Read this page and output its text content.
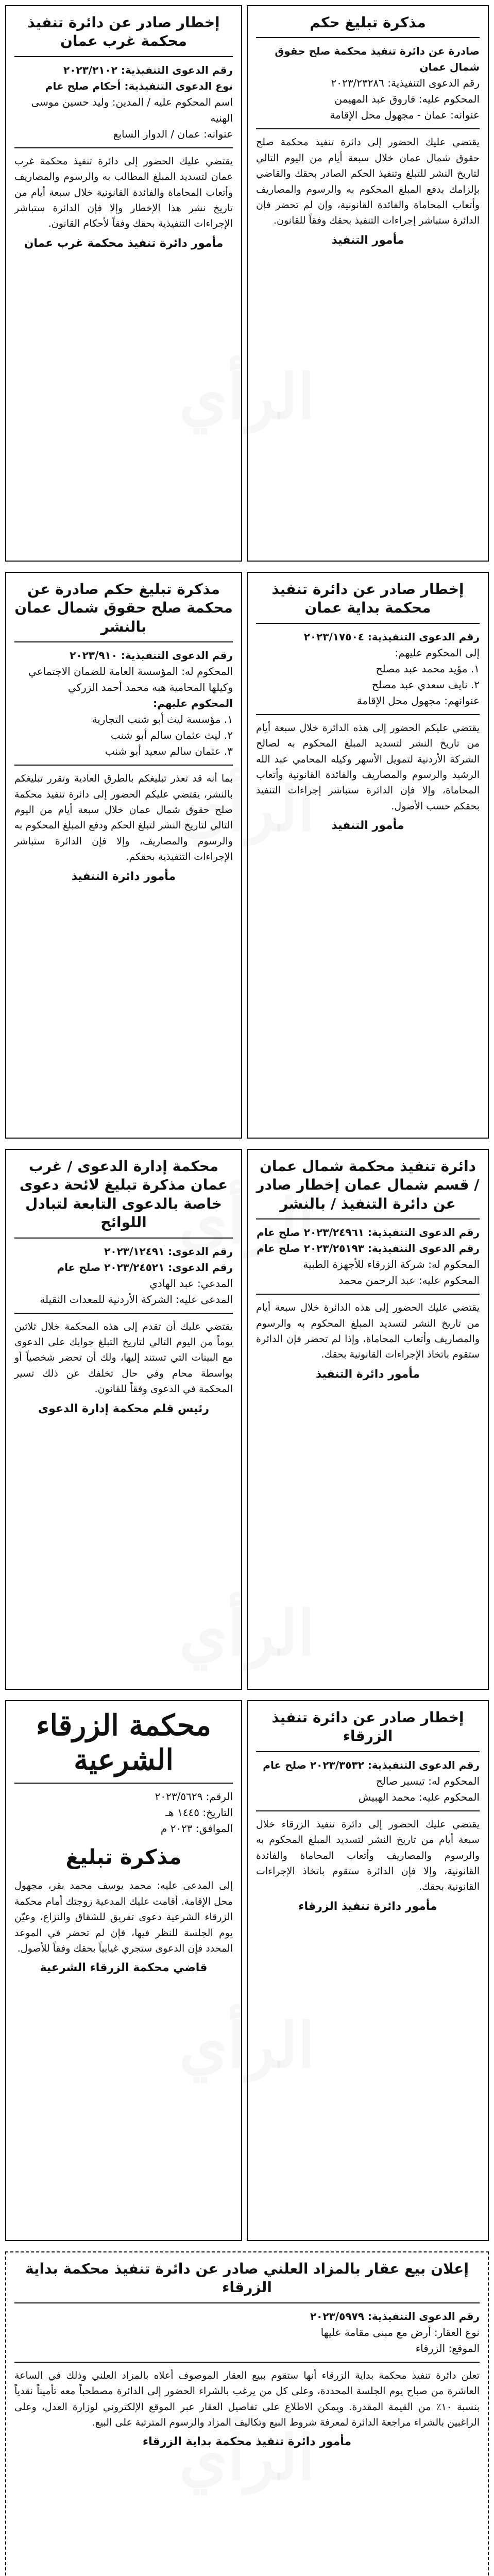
مذكرة تبليغ حكم
صادرة عن دائرة تنفيذ محكمة صلح حقوق شمال عمان
رقم الدعوى التنفيذية: ٢٠٢٣/٢٣٢٨٦
المحكوم عليه: فاروق عبد المهيمن
عنوانه: عمان - مجهول محل الإقامة
يقتضي عليك الحضور إلى دائرة تنفيذ محكمة صلح حقوق شمال عمان خلال سبعة أيام من اليوم التالي لتاريخ النشر للتبلغ وتنفيذ الحكم الصادر بحقك والقاضي بإلزامك بدفع المبلغ المحكوم به والرسوم والمصاريف وأتعاب المحاماة والفائدة القانونية، وإن لم تحضر فإن الدائرة ستباشر إجراءات التنفيذ بحقك وفقاً للقانون.
مأمور التنفيذ
إخطار صادر عن دائرة تنفيذ محكمة غرب عمان
رقم الدعوى التنفيذية: ٢٠٢٣/٢١٠٢
نوع الدعوى التنفيذية: أحكام صلح عام
اسم المحكوم عليه / المدين: وليد حسين موسى الهنيه
عنوانه: عمان / الدوار السابع
يقتضي عليك الحضور إلى دائرة تنفيذ محكمة غرب عمان لتسديد المبلغ المطالب به والرسوم والمصاريف وأتعاب المحاماة والفائدة القانونية خلال سبعة أيام من تاريخ نشر هذا الإخطار وإلا فإن الدائرة ستباشر الإجراءات التنفيذية بحقك وفقاً لأحكام القانون.
مأمور دائرة تنفيذ محكمة غرب عمان
إخطار صادر عن دائرة تنفيذ محكمة بداية عمان
رقم الدعوى التنفيذية: ٢٠٢٣/١٧٥٠٤
إلى المحكوم عليهم:
١. مؤيد محمد عبد مصلح
٢. نايف سعدي عبد مصلح
عنوانهم: مجهول محل الإقامة
يقتضي عليكم الحضور إلى هذه الدائرة خلال سبعة أيام من تاريخ النشر لتسديد المبلغ المحكوم به لصالح الشركة الأردنية لتمويل الأسهر وكيله المحامي عبد الله الرشيد والرسوم والمصاريف والفائدة القانونية وأتعاب المحاماة، وإلا فإن الدائرة ستباشر إجراءات التنفيذ بحقكم حسب الأصول.
مأمور التنفيذ
مذكرة تبليغ حكم صادرة عن محكمة صلح حقوق شمال عمان بالنشر
رقم الدعوى التنفيذية: ٢٠٢٣/٩١٠
المحكوم له: المؤسسة العامة للضمان الاجتماعي وكيلها المحامية هبه محمد أحمد الزركي
المحكوم عليهم:
١. مؤسسة ليث أبو شنب التجارية
٢. ليث عثمان سالم أبو شنب
٣. عثمان سالم سعيد أبو شنب
بما أنه قد تعذر تبليغكم بالطرق العادية وتقرر تبليغكم بالنشر، يقتضي عليكم الحضور إلى دائرة تنفيذ محكمة صلح حقوق شمال عمان خلال سبعة أيام من اليوم التالي لتاريخ النشر لتبلغ الحكم ودفع المبلغ المحكوم به والرسوم والمصاريف، وإلا فإن الدائرة ستباشر الإجراءات التنفيذية بحقكم.
مأمور دائرة التنفيذ
دائرة تنفيذ محكمة شمال عمان / قسم شمال عمان إخطار صادر عن دائرة التنفيذ / بالنشر
رقم الدعوى التنفيذية: ٢٠٢٣/٢٤٩٦١ صلح عام
رقم الدعوى التنفيذية: ٢٠٢٣/٢٥١٩٣ صلح عام
المحكوم له: شركة الزرقاء للأجهزة الطبية
المحكوم عليه: عبد الرحمن محمد
يقتضي عليك الحضور إلى هذه الدائرة خلال سبعة أيام من تاريخ النشر لتسديد المبلغ المحكوم به والرسوم والمصاريف وأتعاب المحاماة، وإذا لم تحضر فإن الدائرة ستقوم باتخاذ الإجراءات القانونية بحقك.
مأمور دائرة التنفيذ
محكمة إدارة الدعوى / غرب عمان مذكرة تبليغ لائحة دعوى خاصة بالدعوى التابعة لتبادل اللوائح
رقم الدعوى: ٢٠٢٣/١٢٤٩١
رقم الدعوى: ٢٠٢٣/٢٤٥٢١ صلح عام
المدعي: عبد الهادي
المدعى عليه: الشركة الأردنية للمعدات الثقيلة
يقتضي عليك أن تقدم إلى هذه المحكمة خلال ثلاثين يوماً من اليوم التالي لتاريخ التبلغ جوابك على الدعوى مع البينات التي تستند إليها، ولك أن تحضر شخصياً أو بواسطة محام وفي حال تخلفك عن ذلك تسير المحكمة في الدعوى وفقاً للقانون.
رئيس قلم محكمة إدارة الدعوى
إخطار صادر عن دائرة تنفيذ الزرقاء
رقم الدعوى التنفيذية: ٢٠٢٣/٣٥٣٢ صلح عام
المحكوم له: تيسير صالح
المحكوم عليه: محمد الهبيش
يقتضي عليك الحضور إلى دائرة تنفيذ الزرقاء خلال سبعة أيام من تاريخ النشر لتسديد المبلغ المحكوم به والرسوم والمصاريف وأتعاب المحاماة والفائدة القانونية، وإلا فإن الدائرة ستقوم باتخاذ الإجراءات القانونية بحقك.
مأمور دائرة تنفيذ الزرقاء
محكمة الزرقاء الشرعية
الرقم: ٢٠٢٣/٥٦٢٩
التاريخ: ١٤٤٥ هـ
الموافق: ٢٠٢٣ م
مذكرة تبليغ
إلى المدعى عليه: محمد يوسف محمد بقر، مجهول محل الإقامة. أقامت عليك المدعية زوجتك أمام محكمة الزرقاء الشرعية دعوى تفريق للشقاق والنزاع، وعيّن يوم الجلسة للنظر فيها، فإن لم تحضر في الموعد المحدد فإن الدعوى ستجري غيابياً بحقك وفقاً للأصول.
قاضي محكمة الزرقاء الشرعية
إعلان بيع عقار بالمزاد العلني صادر عن دائرة تنفيذ محكمة بداية الزرقاء
رقم الدعوى التنفيذية: ٢٠٢٣/٥٩٧٩
نوع العقار: أرض مع مبنى مقامة عليها
الموقع: الزرقاء
تعلن دائرة تنفيذ محكمة بداية الزرقاء أنها ستقوم ببيع العقار الموصوف أعلاه بالمزاد العلني وذلك في الساعة العاشرة من صباح يوم الجلسة المحددة، وعلى كل من يرغب بالشراء الحضور إلى الدائرة مصطحباً معه تأميناً نقدياً بنسبة ١٠٪ من القيمة المقدرة. ويمكن الاطلاع على تفاصيل العقار عبر الموقع الإلكتروني لوزارة العدل، وعلى الراغبين بالشراء مراجعة الدائرة لمعرفة شروط البيع وتكاليف المزاد والرسوم المترتبة على البيع.
مأمور دائرة تنفيذ محكمة بداية الزرقاء
